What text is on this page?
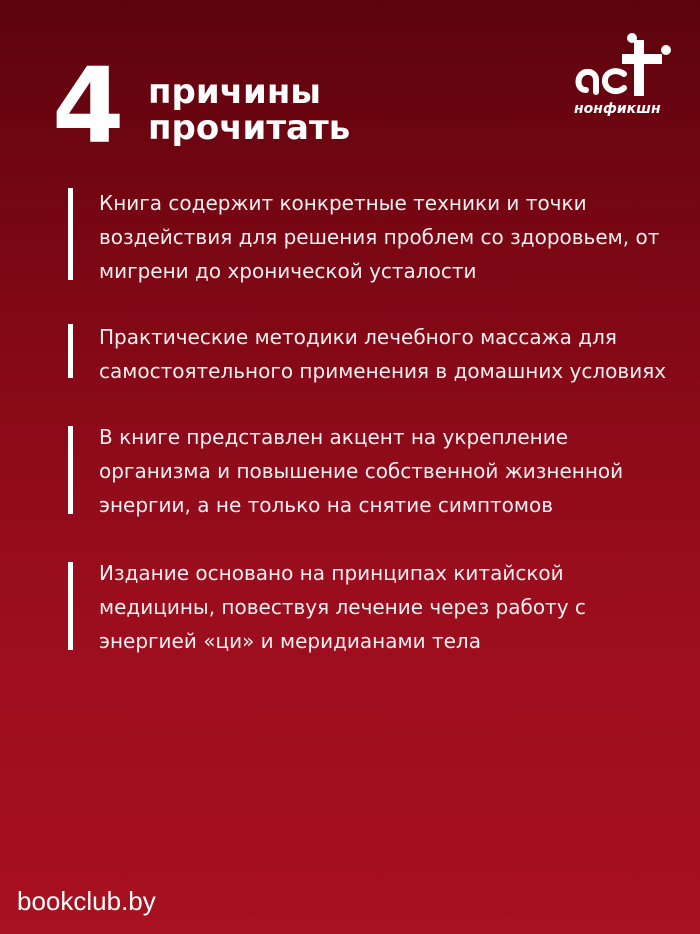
4 причины
прочитать	нонфикшн
Книга содержит конкретные техники и точки
воздействия для решения проблем со здоровьем, от
мигрени до хронической усталости
Практические методики лечебного массажа для
самостоятельного применения в домашних условиях
В книге представлен акцент на укрепление
организма и повышение собственной жизненной
энергии, а не только на снятие симптомов
Издание основано на принципах китайской
медицины, повествуя лечение через работу с
энергией «ци» и меридианами тела
bookclub.by
